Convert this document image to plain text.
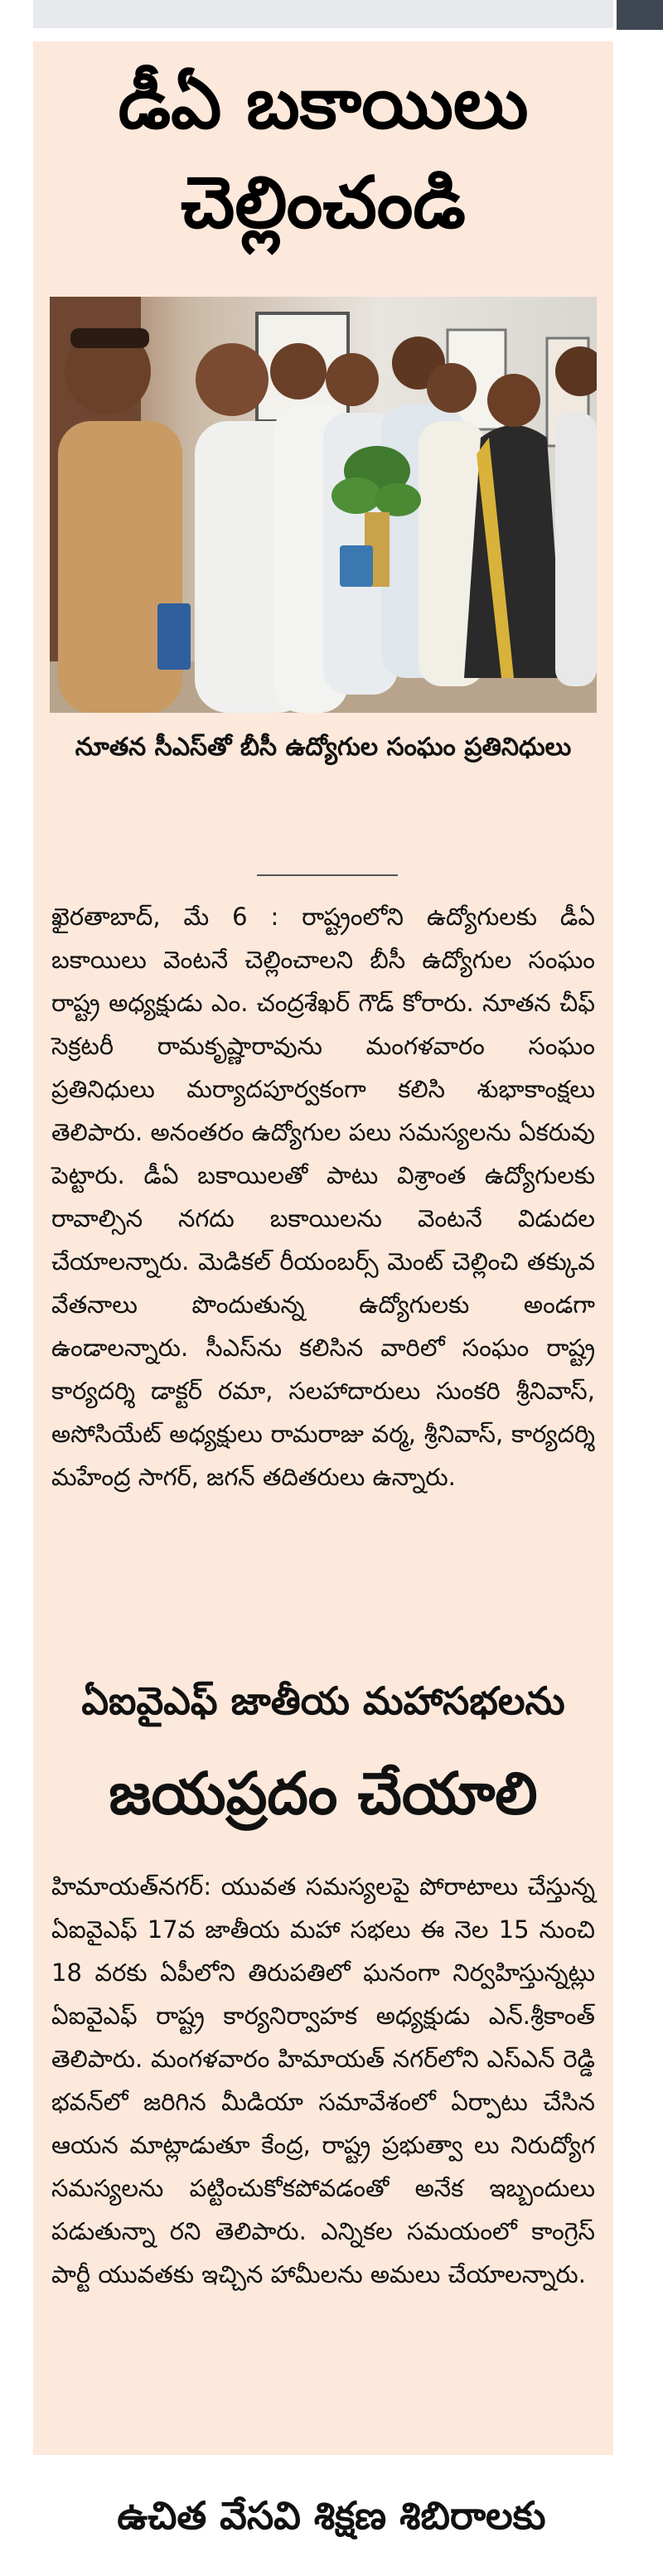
డీఏ బకాయిలు
చెల్లించండి
నూతన సీఎస్‌తో బీసీ ఉద్యోగుల సంఘం ప్రతినిధులు

ఖైరతాబాద్, మే 6 : రాష్ట్రంలోని ఉద్యోగులకు డీఏ బకాయిలు వెంటనే చెల్లించాలని బీసీ ఉద్యోగుల సంఘం రాష్ట్ర అధ్యక్షుడు ఎం. చంద్రశేఖర్ గౌడ్ కోరారు. నూతన చీఫ్ సెక్రటరీ రామకృష్ణారావును మంగళవారం సంఘం ప్రతినిధులు మర్యాదపూర్వకంగా కలిసి శుభాకాంక్షలు తెలిపారు. అనంతరం ఉద్యోగుల పలు సమస్యలను ఏకరువు పెట్టారు. డీఏ బకాయిలతో పాటు విశ్రాంత ఉద్యోగులకు రావాల్సిన నగదు బకాయిలను వెంటనే విడుదల చేయాలన్నారు. మెడికల్ రీయంబర్స్ మెంట్ చెల్లించి తక్కువ వేతనాలు పొందుతున్న ఉద్యోగులకు అండగా ఉండాలన్నారు. సీఎస్‌ను కలిసిన వారిలో సంఘం రాష్ట్ర కార్యదర్శి డాక్టర్ రమా, సలహాదారులు సుంకరి శ్రీనివాస్, అసోసియేట్ అధ్యక్షులు రామరాజు వర్మ, శ్రీనివాస్, కార్యదర్శి మహేంద్ర సాగర్, జగన్ తదితరులు ఉన్నారు.

ఏఐవైఎఫ్ జాతీయ మహాసభలను
జయప్రదం చేయాలి

హిమాయత్‌నగర్: యువత సమస్యలపై పోరాటాలు చేస్తున్న ఏఐవైఎఫ్ 17వ జాతీయ మహా సభలు ఈ నెల 15 నుంచి 18 వరకు ఏపీలోని తిరుపతిలో ఘనంగా నిర్వహిస్తున్నట్లు ఏఐవైఎఫ్ రాష్ట్ర కార్యనిర్వాహక అధ్యక్షుడు ఎన్.శ్రీకాంత్ తెలిపారు. మంగళవారం హిమాయత్ నగర్‌లోని ఎస్ఎన్ రెడ్డి భవన్‌లో జరిగిన మీడియా సమావేశంలో ఏర్పాటు చేసిన ఆయన మాట్లాడుతూ కేంద్ర, రాష్ట్ర ప్రభుత్వా లు నిరుద్యోగ సమస్యలను పట్టించుకోకపోవడంతో అనేక ఇబ్బందులు పడుతున్నా రని తెలిపారు. ఎన్నికల సమయంలో కాంగ్రెస్ పార్టీ యువతకు ఇచ్చిన హామీలను అమలు చేయాలన్నారు.

ఉచిత వేసవి శిక్షణ శిబిరాలకు
